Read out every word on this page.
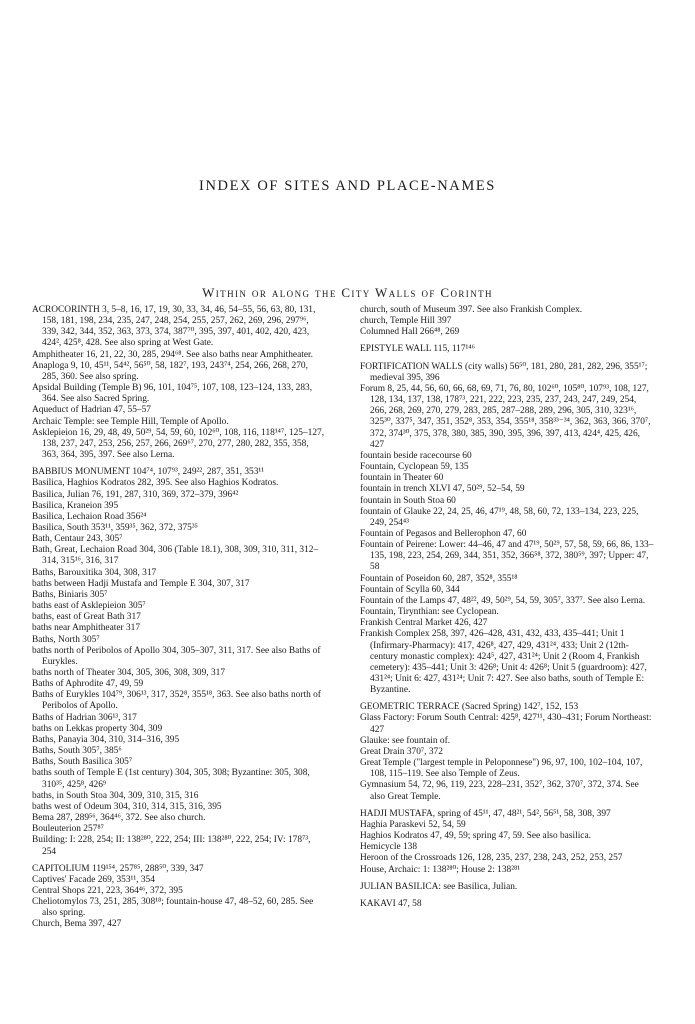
INDEX OF SITES AND PLACE-NAMES
Within or along the City Walls of Corinth

ACROCORINTH 3, 5–8, 16, 17, 19, 30, 33, 34, 46, 54–55, 56, 63, 80, 131, 158, 181, 198, 234, 235, 247, 248, 254, 255, 257, 262, 269, 296, 297⁹⁶, 339, 342, 344, 352, 363, 373, 374, 387⁷⁰, 395, 397, 401, 402, 420, 423, 424², 425⁸, 428. See also spring at West Gate.

Amphitheater 16, 21, 22, 30, 285, 294⁶⁸. See also baths near Amphitheater.

Anaploga 9, 10, 45¹¹, 54⁴², 56⁵⁰, 58, 182⁷, 193, 243⁷⁴, 254, 266, 268, 270, 285, 360. See also spring.

Apsidal Building (Temple B) 96, 101, 104⁷⁵, 107, 108, 123–124, 133, 283, 364. See also Sacred Spring.

Aqueduct of Hadrian 47, 55–57

Archaic Temple: see Temple Hill, Temple of Apollo.

Asklepieion 16, 29, 48, 49, 50²⁹, 54, 59, 60, 102⁶⁰, 108, 116, 118¹⁴⁷, 125–127, 138, 237, 247, 253, 256, 257, 266, 269⁶⁷, 270, 277, 280, 282, 355, 358, 363, 364, 395, 397. See also Lerna.

BABBIUS MONUMENT 104⁷⁴, 107⁹³, 249²², 287, 351, 353¹¹

Basilica, Haghios Kodratos 282, 395. See also Haghios Kodratos.

Basilica, Julian 76, 191, 287, 310, 369, 372–379, 396⁴²

Basilica, Kraneion 395

Basilica, Lechaion Road 356²⁴

Basilica, South 353¹¹, 359³⁵, 362, 372, 375³⁵

Bath, Centaur 243, 305⁷

Bath, Great, Lechaion Road 304, 306 (Table 18.1), 308, 309, 310, 311, 312–314, 315¹⁶, 316, 317

Baths, Barouxitika 304, 308, 317

baths between Hadji Mustafa and Temple E 304, 307, 317

Baths, Biniaris 305⁷

baths east of Asklepieion 305⁷

baths, east of Great Bath 317

baths near Amphitheater 317

Baths, North 305⁷

baths north of Peribolos of Apollo 304, 305–307, 311, 317. See also Baths of Eurykles.

baths north of Theater 304, 305, 306, 308, 309, 317

Baths of Aphrodite 47, 49, 59

Baths of Eurykles 104⁷⁹, 306¹³, 317, 352⁸, 355¹⁸, 363. See also baths north of Peribolos of Apollo.

Baths of Hadrian 306¹³, 317

baths on Lekkas property 304, 309

Baths, Panayia 304, 310, 314–316, 395

Baths, South 305⁷, 385⁶

Baths, South Basilica 305⁷

baths south of Temple E (1st century) 304, 305, 308; Byzantine: 305, 308, 310³⁵, 425⁸, 426⁹

baths, in South Stoa 304, 309, 310, 315, 316

baths west of Odeum 304, 310, 314, 315, 316, 395

Bema 287, 289⁵⁶, 364⁴⁶, 372. See also church.

Bouleuterion 257⁸⁷

Building: I: 228, 254; II: 138²⁸⁰, 222, 254; III: 138²⁸⁰, 222, 254; IV: 178⁷³, 254

CAPITOLIUM 119¹⁵⁴, 257⁸⁵, 288⁵⁰, 339, 347

Captives' Facade 269, 353¹¹, 354

Central Shops 221, 223, 364⁴⁶, 372, 395

Cheliotomylos 73, 251, 285, 308¹⁸; fountain-house 47, 48–52, 60, 285. See also spring.

Church, Bema 397, 427

church, south of Museum 397. See also Frankish Complex.

church, Temple Hill 397

Columned Hall 266⁴⁸, 269

EPISTYLE WALL 115, 117¹⁴⁶

FORTIFICATION WALLS (city walls) 56⁵⁰, 181, 280, 281, 282, 296, 355¹⁷; medieval 395, 396

Forum 8, 25, 44, 56, 60, 66, 68, 69, 71, 76, 80, 102⁶⁰, 105⁸⁰, 107⁹³, 108, 127, 128, 134, 137, 138, 178⁷³, 221, 222, 223, 235, 237, 243, 247, 249, 254, 266, 268, 269, 270, 279, 283, 285, 287–288, 289, 296, 305, 310, 323¹⁶, 325³⁰, 337⁵, 347, 351, 352⁸, 353, 354, 355¹⁸, 358³³⁻³⁴, 362, 363, 366, 370⁷, 372, 374³⁰, 375, 378, 380, 385, 390, 395, 396, 397, 413, 424⁴, 425, 426, 427

fountain beside racecourse 60

Fountain, Cyclopean 59, 135

fountain in Theater 60

fountain in trench XLVI 47, 50²⁹, 52–54, 59

fountain in South Stoa 60

fountain of Glauke 22, 24, 25, 46, 47¹⁹, 48, 58, 60, 72, 133–134, 223, 225, 249, 254⁴³

Fountain of Pegasos and Bellerophon 47, 60

Fountain of Peirene: Lower: 44–46, 47 and 47¹⁹, 50²⁹, 57, 58, 59, 66, 86, 133–135, 198, 223, 254, 269, 344, 351, 352, 366⁵⁸, 372, 380⁵⁹, 397; Upper: 47, 58

Fountain of Poseidon 60, 287, 352⁸, 355¹⁸

Fountain of Scylla 60, 344

Fountain of the Lamps 47, 48²², 49, 50²⁹, 54, 59, 305⁷, 337⁷. See also Lerna.

Fountain, Tirynthian: see Cyclopean.

Frankish Central Market 426, 427

Frankish Complex 258, 397, 426–428, 431, 432, 433, 435–441; Unit 1 (Infirmary-Pharmacy): 417, 426⁸, 427, 429, 431²⁴, 433; Unit 2 (12th-century monastic complex): 424⁵, 427, 431²⁴; Unit 2 (Room 4, Frankish cemetery): 435–441; Unit 3: 426⁸; Unit 4: 426⁸; Unit 5 (guardroom): 427, 431²⁴; Unit 6: 427, 431²⁴; Unit 7: 427. See also baths, south of Temple E: Byzantine.

GEOMETRIC TERRACE (Sacred Spring) 142⁷, 152, 153

Glass Factory: Forum South Central: 425⁸, 427¹¹, 430–431; Forum Northeast: 427

Glauke: see fountain of.

Great Drain 370⁷, 372

Great Temple ("largest temple in Peloponnese") 96, 97, 100, 102–104, 107, 108, 115–119. See also Temple of Zeus.

Gymnasium 54, 72, 96, 119, 223, 228–231, 352⁷, 362, 370⁷, 372, 374. See also Great Temple.

HADJI MUSTAFA, spring of 45¹¹, 47, 48²¹, 54², 56⁵¹, 58, 308, 397

Haghia Paraskevi 52, 54, 59

Haghios Kodratos 47, 49, 59; spring 47, 59. See also basilica.

Hemicycle 138

Heroon of the Crossroads 126, 128, 235, 237, 238, 243, 252, 253, 257

House, Archaic: 1: 138²⁸⁰; House 2: 138²⁸¹

JULIAN BASILICA: see Basilica, Julian.

KAKAVI 47, 58
